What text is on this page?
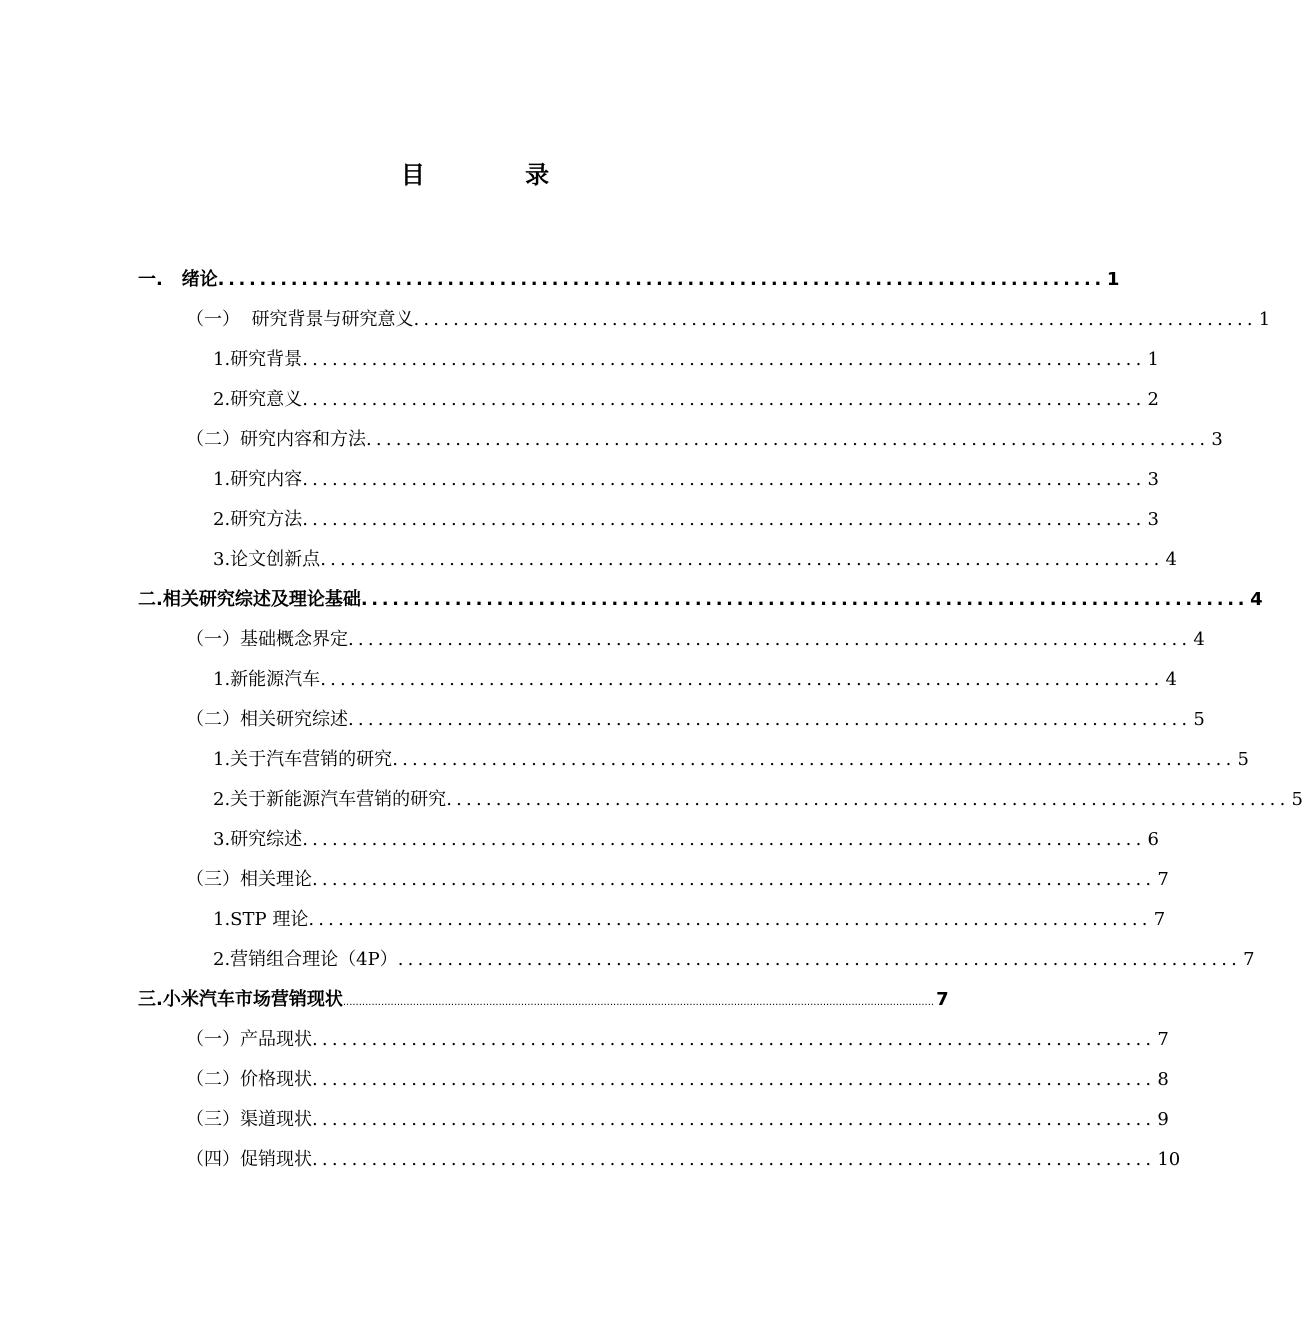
目 录
一.   绪论 ..................................................................................... 1
（一）  研究背景与研究意义 ..................................................................................... 1
1.研究背景 ..................................................................................... 1
2.研究意义 ..................................................................................... 2
（二）研究内容和方法 ..................................................................................... 3
1.研究内容 ..................................................................................... 3
2.研究方法 ..................................................................................... 3
3.论文创新点 ..................................................................................... 4
二.相关研究综述及理论基础 ..................................................................................... 4
（一）基础概念界定 ..................................................................................... 4
1.新能源汽车 ..................................................................................... 4
（二）相关研究综述 ..................................................................................... 5
1.关于汽车营销的研究 ..................................................................................... 5
2.关于新能源汽车营销的研究 ..................................................................................... 5
3.研究综述 ..................................................................................... 6
（三）相关理论 ..................................................................................... 7
1.STP 理论 ..................................................................................... 7
2.营销组合理论（4P） ..................................................................................... 7
三.小米汽车市场营销现状 .......................................................................................................................................................................................... 7
（一）产品现状 ..................................................................................... 7
（二）价格现状 ..................................................................................... 8
（三）渠道现状 ..................................................................................... 9
（四）促销现状 ..................................................................................... 10
